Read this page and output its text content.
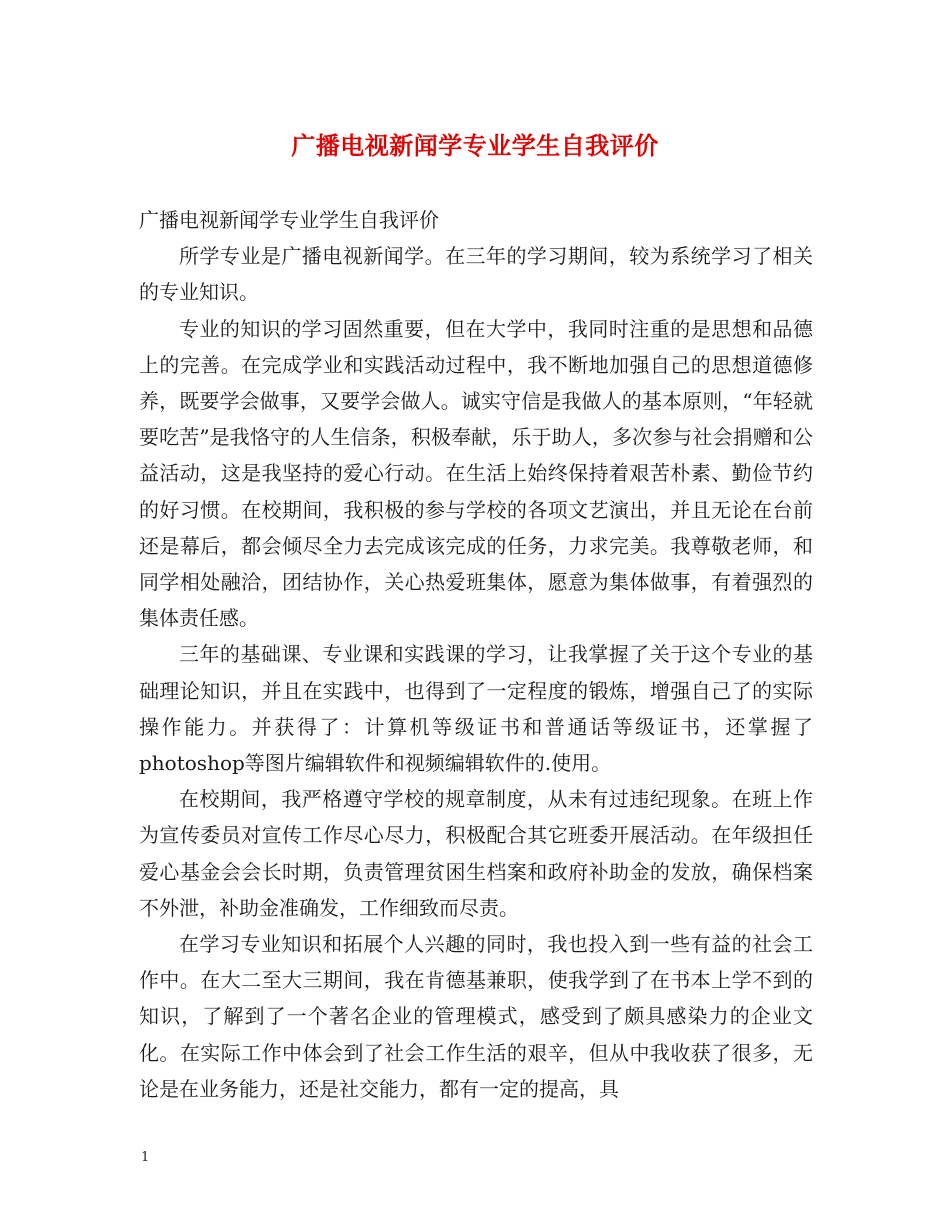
广播电视新闻学专业学生自我评价

广播电视新闻学专业学生自我评价

所学专业是广播电视新闻学。在三年的学习期间，较为系统学习了相关的专业知识。

专业的知识的学习固然重要，但在大学中，我同时注重的是思想和品德上的完善。在完成学业和实践活动过程中，我不断地加强自己的思想道德修养，既要学会做事，又要学会做人。诚实守信是我做人的基本原则，“年轻就要吃苦”是我恪守的人生信条，积极奉献，乐于助人，多次参与社会捐赠和公益活动，这是我坚持的爱心行动。在生活上始终保持着艰苦朴素、勤俭节约的好习惯。在校期间，我积极的参与学校的各项文艺演出，并且无论在台前还是幕后，都会倾尽全力去完成该完成的任务，力求完美。我尊敬老师，和同学相处融洽，团结协作，关心热爱班集体，愿意为集体做事，有着强烈的集体责任感。

三年的基础课、专业课和实践课的学习，让我掌握了关于这个专业的基础理论知识，并且在实践中，也得到了一定程度的锻炼，增强自己了的实际操作能力。并获得了：计算机等级证书和普通话等级证书，还掌握了photoshop等图片编辑软件和视频编辑软件的.使用。

在校期间，我严格遵守学校的规章制度，从未有过违纪现象。在班上作为宣传委员对宣传工作尽心尽力，积极配合其它班委开展活动。在年级担任爱心基金会会长时期，负责管理贫困生档案和政府补助金的发放，确保档案不外泄，补助金准确发，工作细致而尽责。

在学习专业知识和拓展个人兴趣的同时，我也投入到一些有益的社会工作中。在大二至大三期间，我在肯德基兼职，使我学到了在书本上学不到的知识，了解到了一个著名企业的管理模式，感受到了颇具感染力的企业文化。在实际工作中体会到了社会工作生活的艰辛，但从中我收获了很多，无论是在业务能力，还是社交能力，都有一定的提高，具

1
